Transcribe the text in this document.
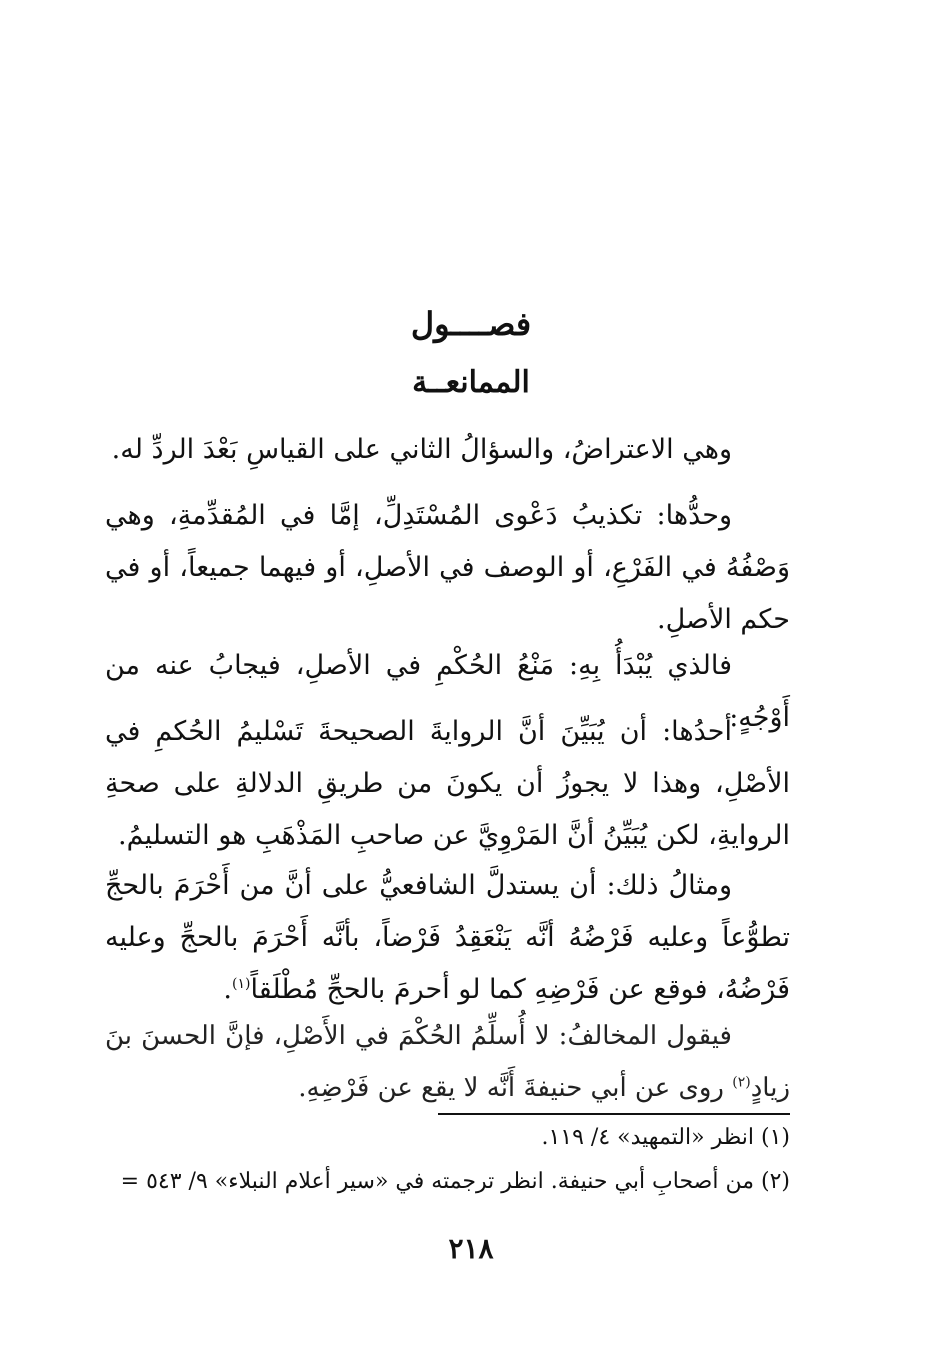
فصــــول
الممانعــة

وهي الاعتراضُ، والسؤالُ الثاني على القياسِ بَعْدَ الردِّ له.

وحدُّها: تكذيبُ دَعْوى المُسْتَدِلِّ، إمَّا في المُقدِّمةِ، وهي وَصْفُهُ في الفَرْعِ، أو الوصف في الأصلِ، أو فيهما جميعاً، أو في حكم الأصلِ.

فالذي يُبْدَأُ بِهِ: مَنْعُ الحُكْمِ في الأصلِ، فيجابُ عنه من أَوْجُهٍ:

أحدُها: أن يُبَيِّنَ أنَّ الروايةَ الصحيحةَ تَسْليمُ الحُكمِ في الأصْلِ، وهذا لا يجوزُ أن يكونَ من طريقِ الدلالةِ على صحةِ الروايةِ، لكن يُبَيِّنُ أنَّ المَرْوِيَّ عن صاحبِ المَذْهَبِ هو التسليمُ.

ومثالُ ذلك: أن يستدلَّ الشافعيُّ على أنَّ من أَحْرَمَ بالحجِّ تطوُّعاً وعليه فَرْضُهُ أنَّه يَنْعَقِدُ فَرْضاً، بأنَّه أَحْرَمَ بالحجِّ وعليه فَرْضُهُ، فوقع عن فَرْضِهِ كما لو أحرمَ بالحجِّ مُطْلَقاً$^{(١)}$.

فيقول المخالفُ: لا أُسلِّمُ الحُكْمَ في الأَصْلِ، فإنَّ الحسنَ بنَ زيادٍ$^{(٢)}$ روى عن أبي حنيفةَ أَنَّه لا يقع عن فَرْضِهِ.

(١) انظر «التمهيد» ٤/ ١١٩.

(٢) من أصحابِ أبي حنيفة. انظر ترجمته في «سير أعلام النبلاء» ٩/ ٥٤٣ =

٢١٨
